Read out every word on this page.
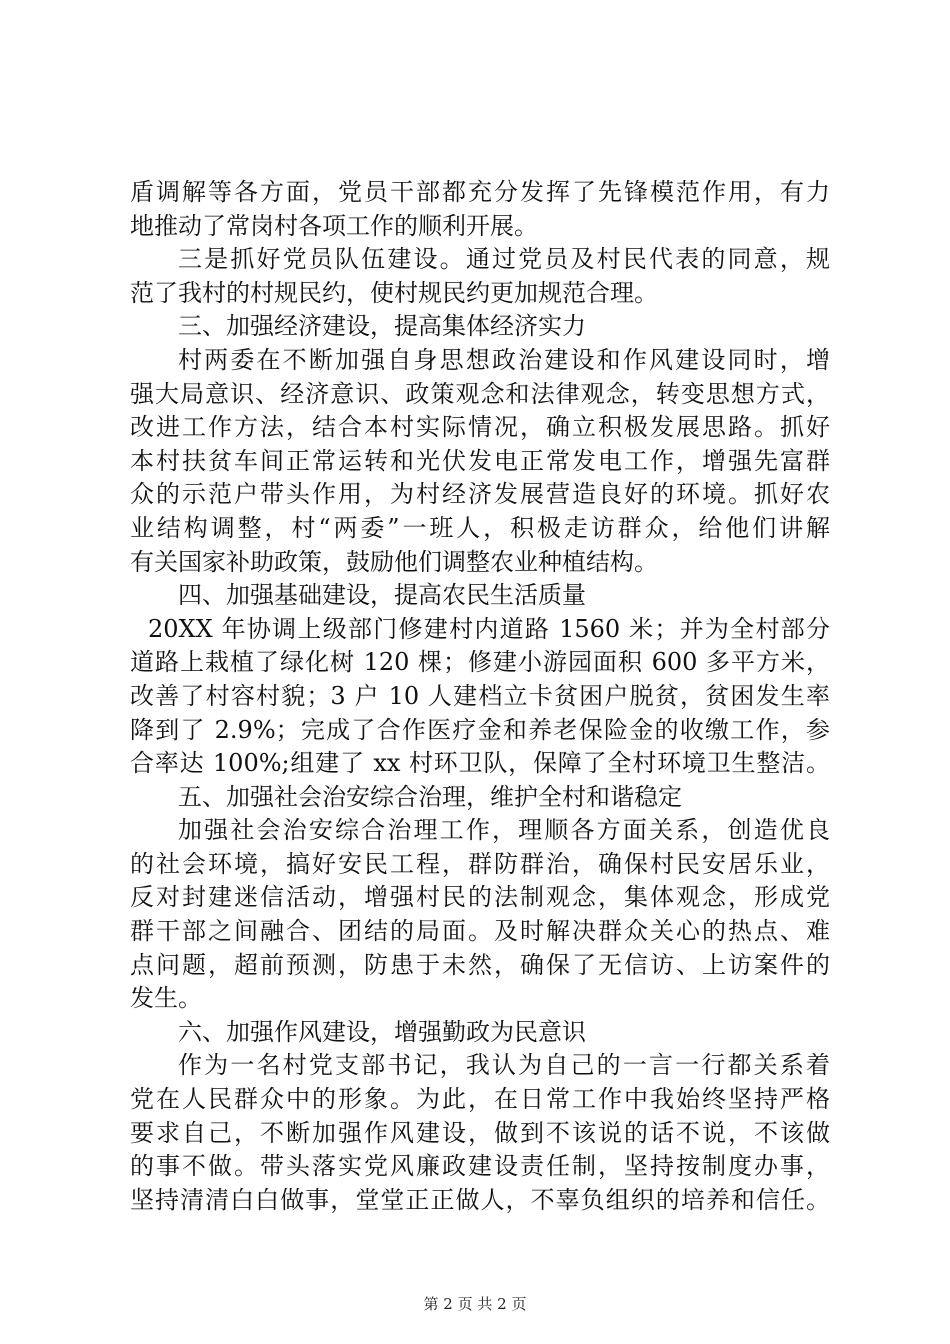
盾调解等各方面，党员干部都充分发挥了先锋模范作用，有力
地推动了常岗村各项工作的顺利开展。
三是抓好党员队伍建设。通过党员及村民代表的同意，规
范了我村的村规民约，使村规民约更加规范合理。
三、加强经济建设，提高集体经济实力
村两委在不断加强自身思想政治建设和作风建设同时，增
强大局意识、经济意识、政策观念和法律观念，转变思想方式，
改进工作方法，结合本村实际情况，确立积极发展思路。抓好
本村扶贫车间正常运转和光伏发电正常发电工作，增强先富群
众的示范户带头作用，为村经济发展营造良好的环境。抓好农
业结构调整，村“两委”一班人，积极走访群众，给他们讲解
有关国家补助政策，鼓励他们调整农业种植结构。
四、加强基础建设，提高农民生活质量
20XX 年协调上级部门修建村内道路 1560 米；并为全村部分
道路上栽植了绿化树 120 棵；修建小游园面积 600 多平方米，
改善了村容村貌；3 户 10 人建档立卡贫困户脱贫，贫困发生率
降到了 2.9%；完成了合作医疗金和养老保险金的收缴工作，参
合率达 100%;组建了 xx 村环卫队，保障了全村环境卫生整洁。
五、加强社会治安综合治理，维护全村和谐稳定
加强社会治安综合治理工作，理顺各方面关系，创造优良
的社会环境，搞好安民工程，群防群治，确保村民安居乐业，
反对封建迷信活动，增强村民的法制观念，集体观念，形成党
群干部之间融合、团结的局面。及时解决群众关心的热点、难
点问题，超前预测，防患于未然，确保了无信访、上访案件的
发生。
六、加强作风建设，增强勤政为民意识
作为一名村党支部书记，我认为自己的一言一行都关系着
党在人民群众中的形象。为此，在日常工作中我始终坚持严格
要求自己，不断加强作风建设，做到不该说的话不说，不该做
的事不做。带头落实党风廉政建设责任制，坚持按制度办事，
坚持清清白白做事，堂堂正正做人，不辜负组织的培养和信任。
第 2 页 共 2 页
